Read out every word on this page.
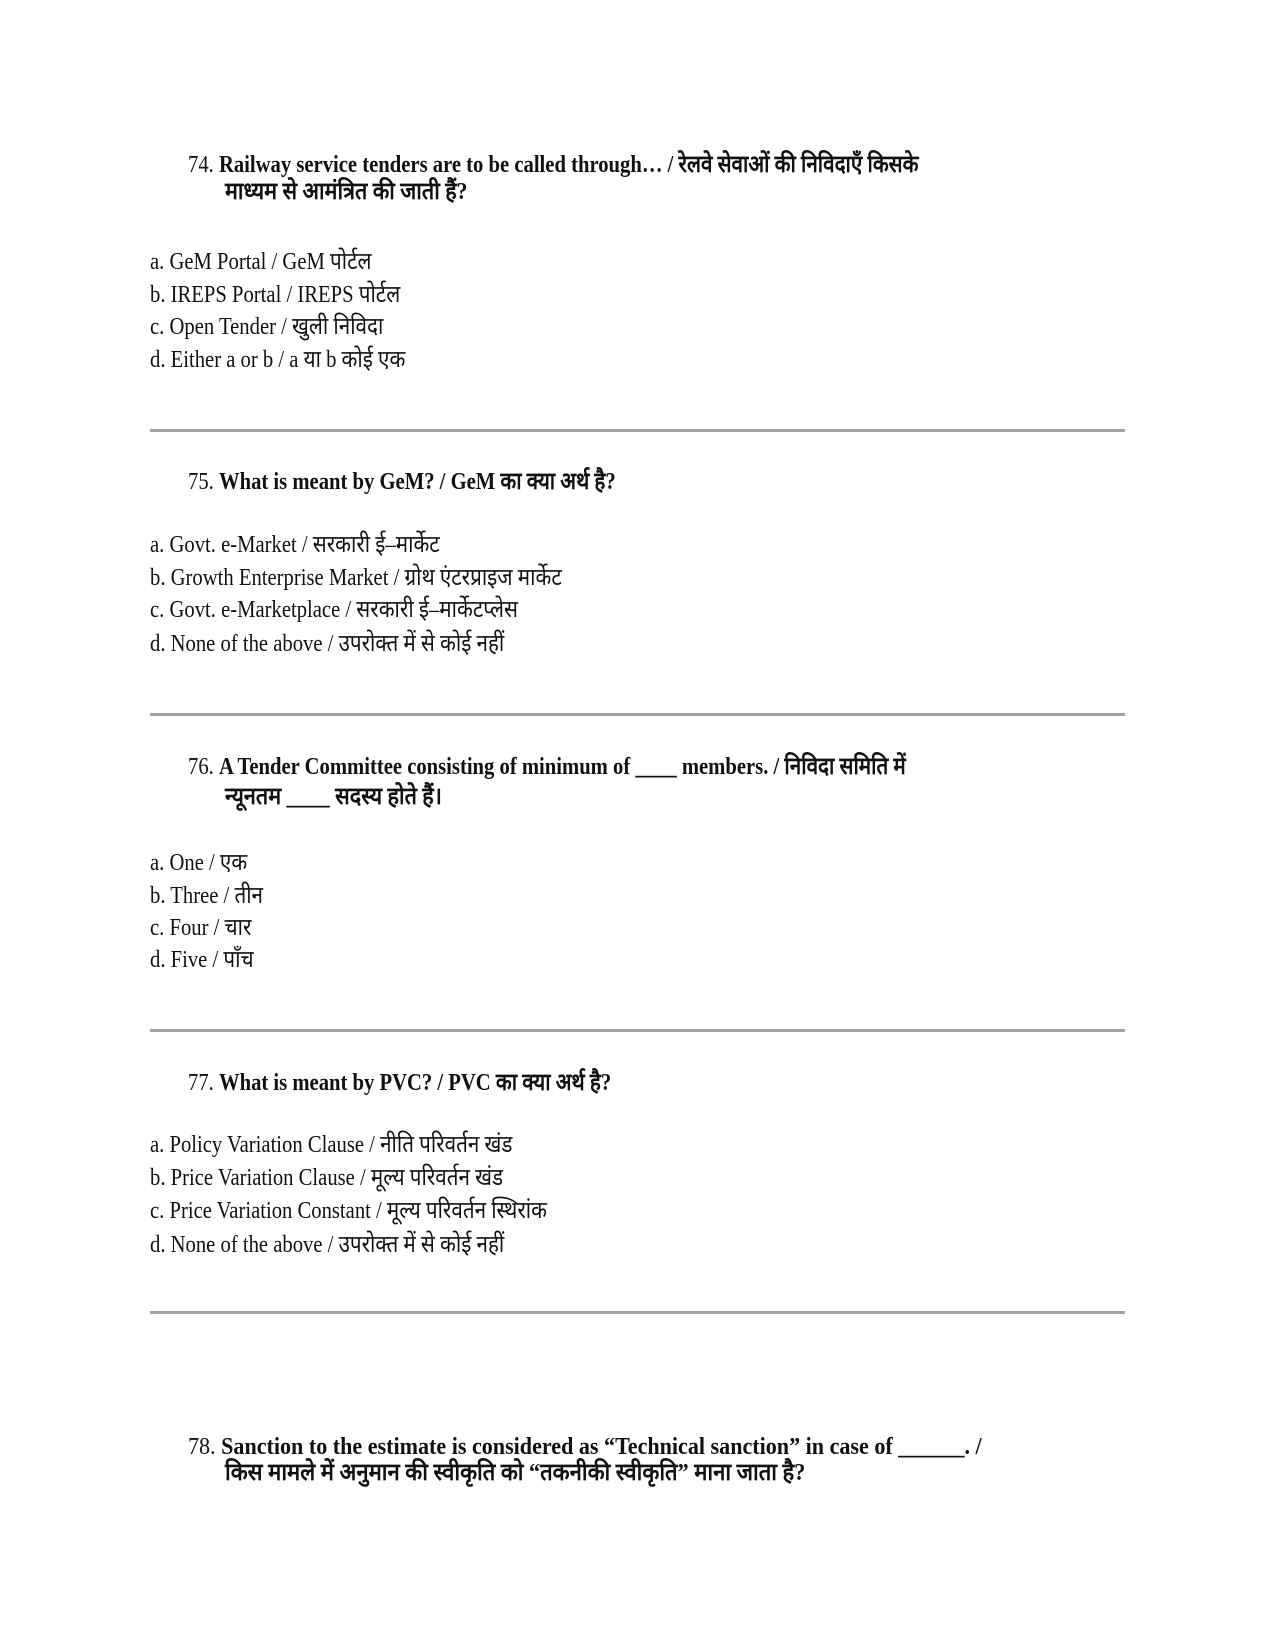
74. Railway service tenders are to be called through… / रेलवे सेवाओं की निविदाएँ किसके
माध्यम से आमंत्रित की जाती हैं?
a. GeM Portal / GeM पोर्टल
b. IREPS Portal / IREPS पोर्टल
c. Open Tender / खुली निविदा
d. Either a or b / a या b कोई एक
75. What is meant by GeM? / GeM का क्या अर्थ है?
a. Govt. e-Market / सरकारी ई–मार्केट
b. Growth Enterprise Market / ग्रोथ एंटरप्राइज मार्केट
c. Govt. e-Marketplace / सरकारी ई–मार्केटप्लेस
d. None of the above / उपरोक्त में से कोई नहीं
76. A Tender Committee consisting of minimum of ____ members. / निविदा समिति में
न्यूनतम ____ सदस्य होते हैं।
a. One / एक
b. Three / तीन
c. Four / चार
d. Five / पाँच
77. What is meant by PVC? / PVC का क्या अर्थ है?
a. Policy Variation Clause / नीति परिवर्तन खंड
b. Price Variation Clause / मूल्य परिवर्तन खंड
c. Price Variation Constant / मूल्य परिवर्तन स्थिरांक
d. None of the above / उपरोक्त में से कोई नहीं
78. Sanction to the estimate is considered as “Technical sanction” in case of ______. /
किस मामले में अनुमान की स्वीकृति को “तकनीकी स्वीकृति” माना जाता है?
